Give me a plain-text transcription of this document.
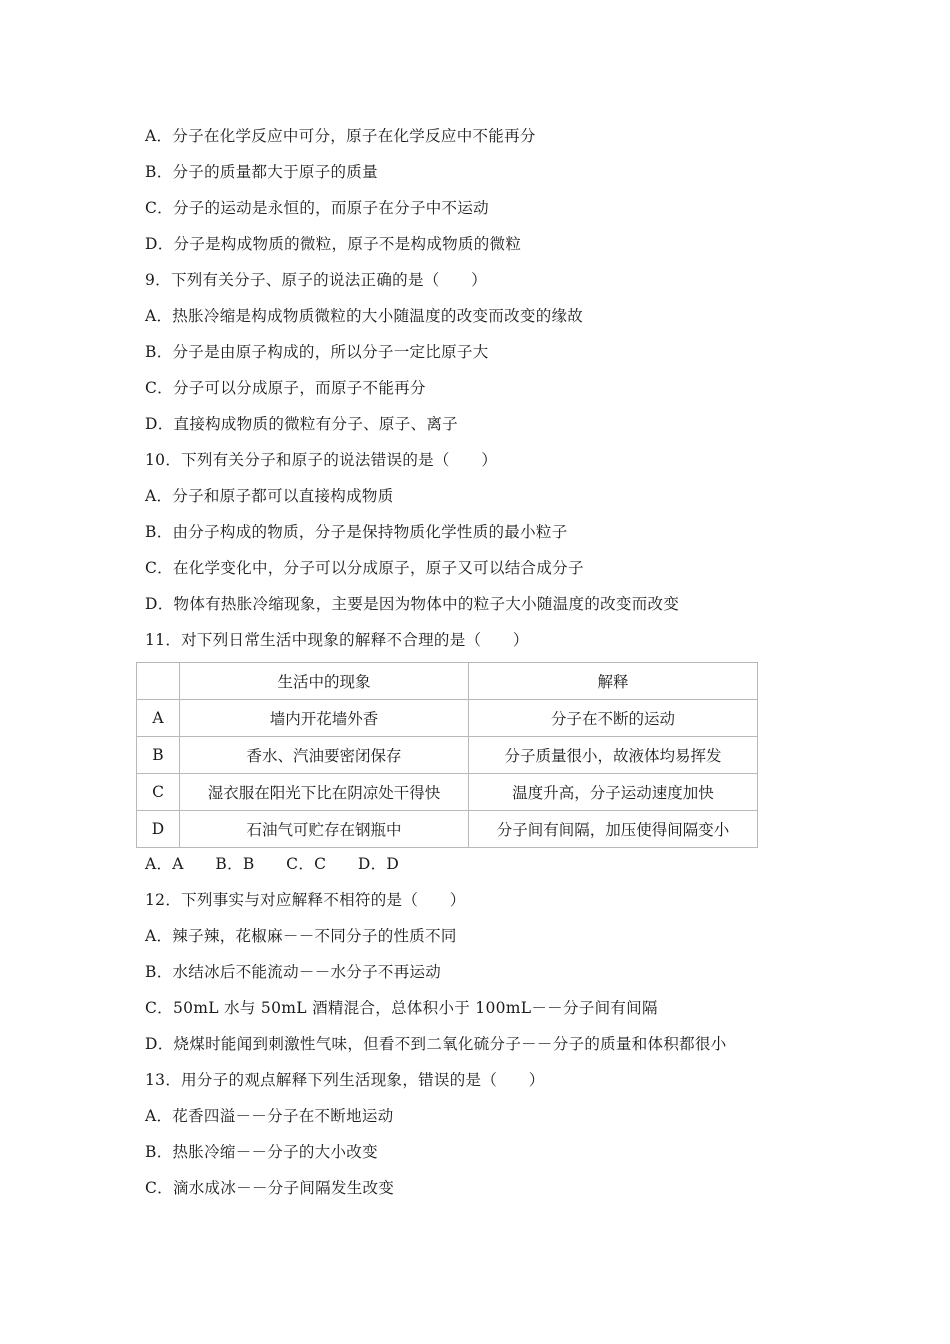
A．分子在化学反应中可分，原子在化学反应中不能再分
B．分子的质量都大于原子的质量
C．分子的运动是永恒的，而原子在分子中不运动
D．分子是构成物质的微粒，原子不是构成物质的微粒
9．下列有关分子、原子的说法正确的是（　　）
A．热胀冷缩是构成物质微粒的大小随温度的改变而改变的缘故
B．分子是由原子构成的，所以分子一定比原子大
C．分子可以分成原子，而原子不能再分
D．直接构成物质的微粒有分子、原子、离子
10．下列有关分子和原子的说法错误的是（　　）
A．分子和原子都可以直接构成物质
B．由分子构成的物质，分子是保持物质化学性质的最小粒子
C．在化学变化中，分子可以分成原子，原子又可以结合成分子
D．物体有热胀冷缩现象，主要是因为物体中的粒子大小随温度的改变而改变
11．对下列日常生活中现象的解释不合理的是（　　）
	生活中的现象	解释
A	墙内开花墙外香	分子在不断的运动
B	香水、汽油要密闭保存	分子质量很小，故液体均易挥发
C	湿衣服在阳光下比在阴凉处干得快	温度升高，分子运动速度加快
D	石油气可贮存在钢瓶中	分子间有间隔，加压使得间隔变小
A．A　　B．B　　C．C　　D．D
12．下列事实与对应解释不相符的是（　　）
A．辣子辣，花椒麻－－不同分子的性质不同
B．水结冰后不能流动－－水分子不再运动
C．50mL 水与 50mL 酒精混合，总体积小于 100mL－－分子间有间隔
D．烧煤时能闻到刺激性气味，但看不到二氧化硫分子－－分子的质量和体积都很小
13．用分子的观点解释下列生活现象，错误的是（　　）
A．花香四溢－－分子在不断地运动
B．热胀冷缩－－分子的大小改变
C．滴水成冰－－分子间隔发生改变
